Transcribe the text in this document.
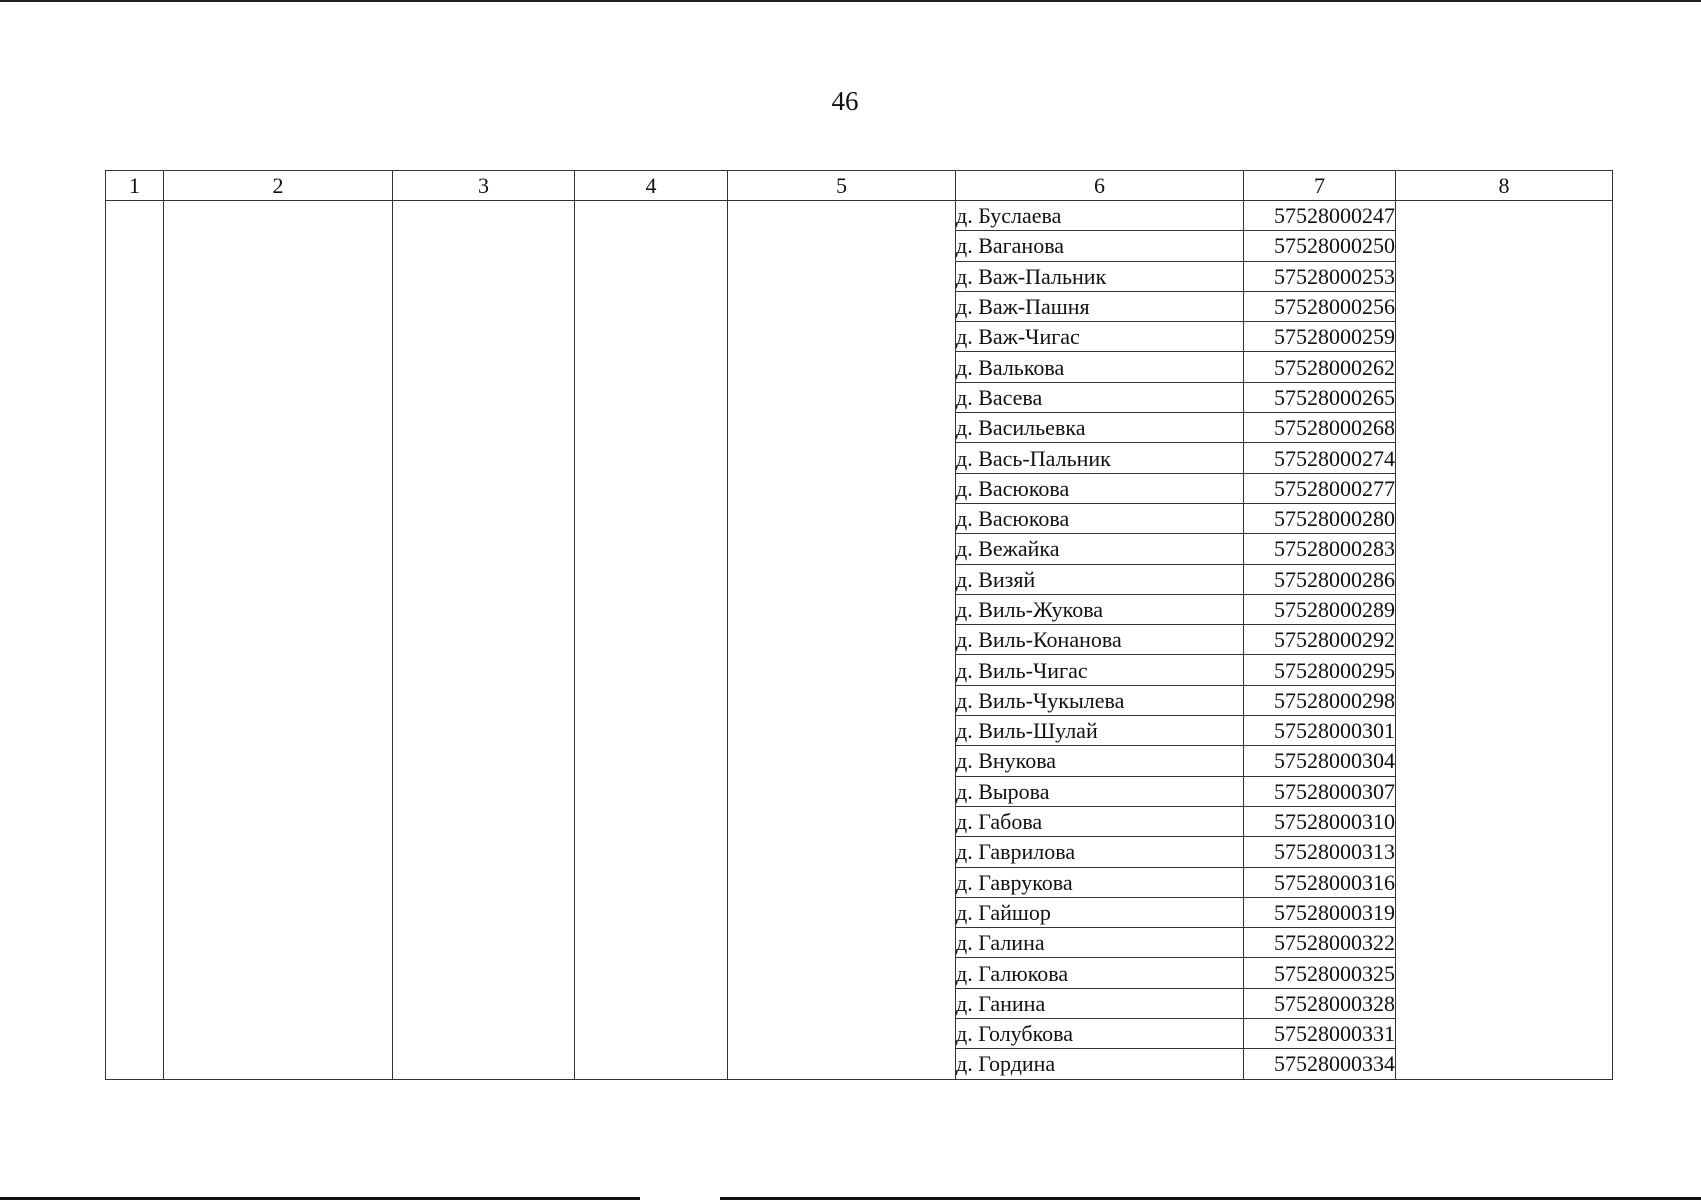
46
1	2	3	4	5	6	7	8
					д. Буслаева	57528000247	
					д. Ваганова	57528000250	
					д. Важ-Пальник	57528000253	
					д. Важ-Пашня	57528000256	
					д. Важ-Чигас	57528000259	
					д. Валькова	57528000262	
					д. Васева	57528000265	
					д. Васильевка	57528000268	
					д. Вась-Пальник	57528000274	
					д. Васюкова	57528000277	
					д. Васюкова	57528000280	
					д. Вежайка	57528000283	
					д. Визяй	57528000286	
					д. Виль-Жукова	57528000289	
					д. Виль-Конанова	57528000292	
					д. Виль-Чигас	57528000295	
					д. Виль-Чукылева	57528000298	
					д. Виль-Шулай	57528000301	
					д. Внукова	57528000304	
					д. Вырова	57528000307	
					д. Габова	57528000310	
					д. Гаврилова	57528000313	
					д. Гаврукова	57528000316	
					д. Гайшор	57528000319	
					д. Галина	57528000322	
					д. Галюкова	57528000325	
					д. Ганина	57528000328	
					д. Голубкова	57528000331	
					д. Гордина	57528000334	
